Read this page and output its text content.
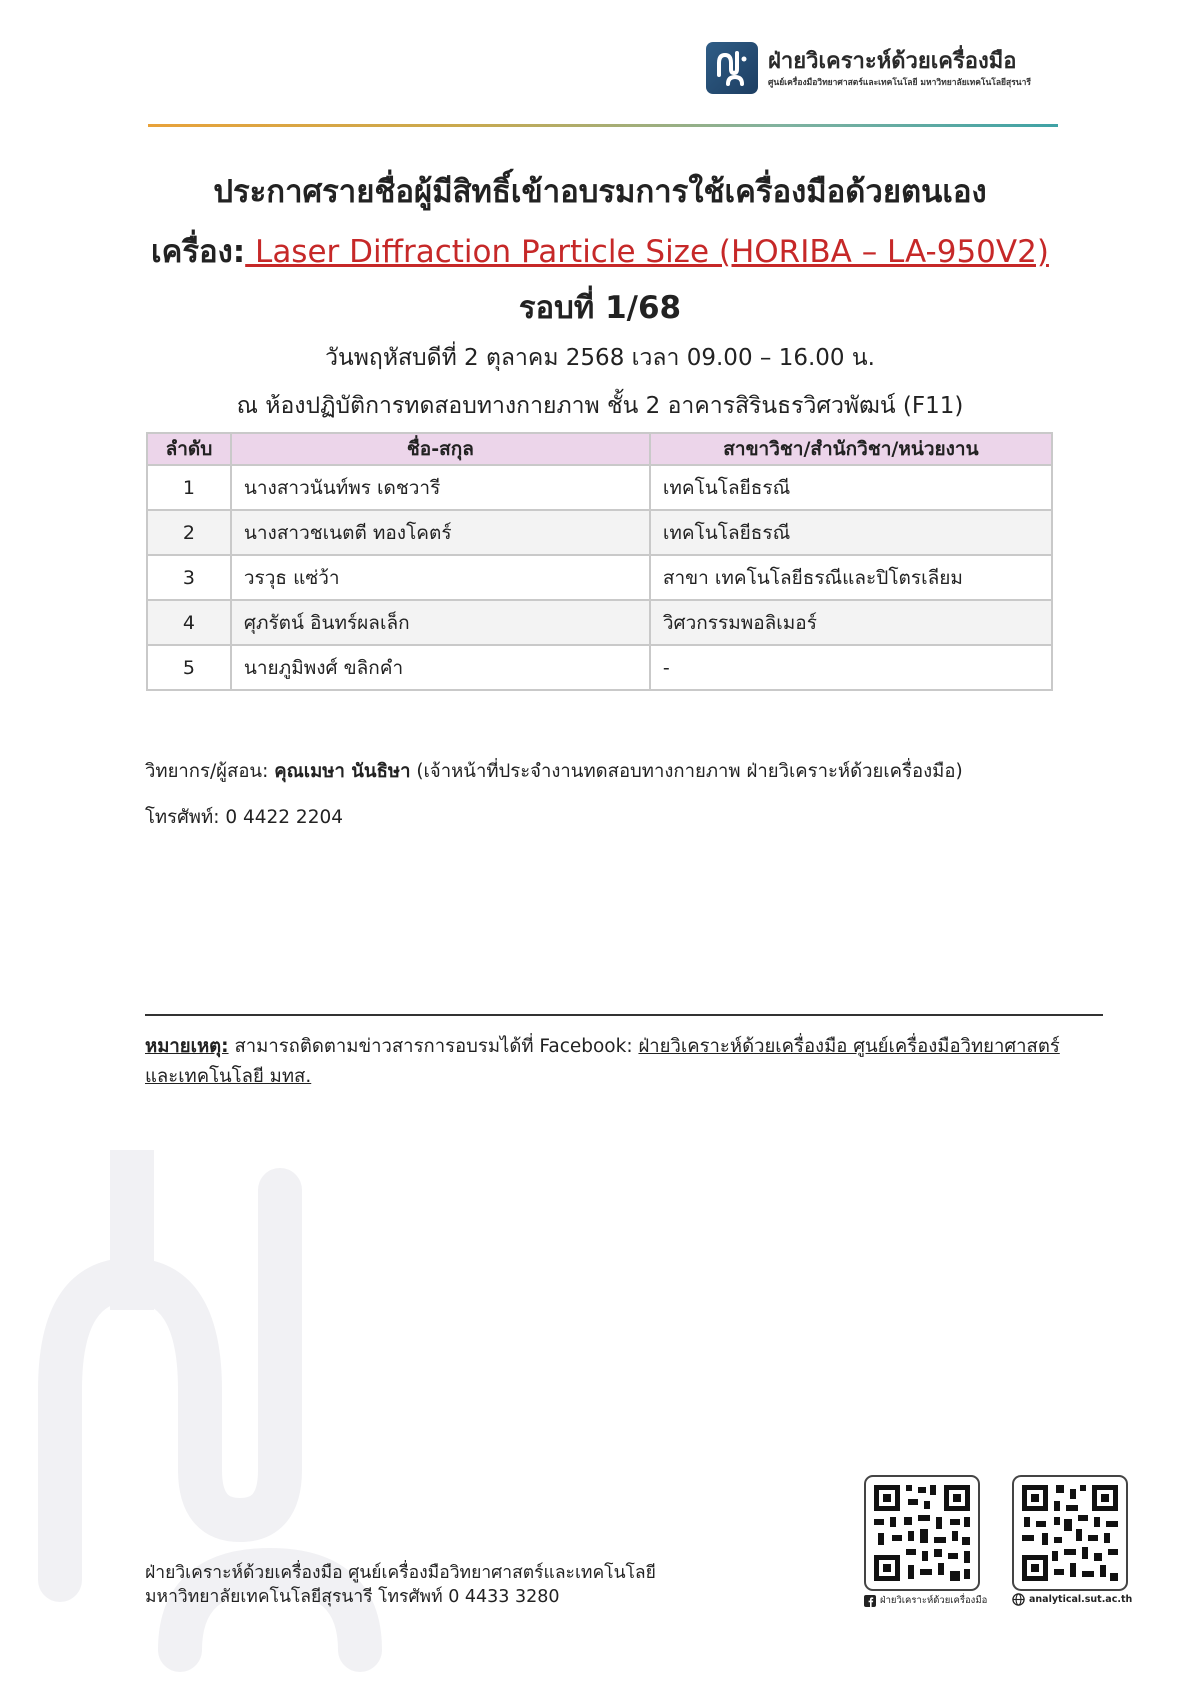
ฝ่ายวิเคราะห์ด้วยเครื่องมือ
ศูนย์เครื่องมือวิทยาศาสตร์และเทคโนโลยี มหาวิทยาลัยเทคโนโลยีสุรนารี
ประกาศรายชื่อผู้มีสิทธิ์เข้าอบรมการใช้เครื่องมือด้วยตนเอง
เครื่อง: Laser Diffraction Particle Size (HORIBA – LA-950V2)
รอบที่ 1/68
วันพฤหัสบดีที่ 2 ตุลาคม 2568 เวลา 09.00 – 16.00 น.
ณ ห้องปฏิบัติการทดสอบทางกายภาพ ชั้น 2 อาคารสิรินธรวิศวพัฒน์ (F11)
ลำดับ	ชื่อ-สกุล	สาขาวิชา/สำนักวิชา/หน่วยงาน
1	นางสาวนันท์พร เดชวารี	เทคโนโลยีธรณี
2	นางสาวชเนตตี ทองโคตร์	เทคโนโลยีธรณี
3	วรวุธ แซ่ว้า	สาขา เทคโนโลยีธรณีและปิโตรเลียม
4	ศุภรัตน์ อินทร์ผลเล็ก	วิศวกรรมพอลิเมอร์
5	นายภูมิพงศ์ ขลิกคำ	-
วิทยากร/ผู้สอน: คุณเมษา นันธิษา (เจ้าหน้าที่ประจำงานทดสอบทางกายภาพ ฝ่ายวิเคราะห์ด้วยเครื่องมือ)
โทรศัพท์: 0 4422 2204
หมายเหตุ: สามารถติดตามข่าวสารการอบรมได้ที่ Facebook: ฝ่ายวิเคราะห์ด้วยเครื่องมือ ศูนย์เครื่องมือวิทยาศาสตร์
และเทคโนโลยี มทส.
ฝ่ายวิเคราะห์ด้วยเครื่องมือ ศูนย์เครื่องมือวิทยาศาสตร์และเทคโนโลยี
มหาวิทยาลัยเทคโนโลยีสุรนารี โทรศัพท์ 0 4433 3280	ฝ่ายวิเคราะห์ด้วยเครื่องมือ	analytical.sut.ac.th
